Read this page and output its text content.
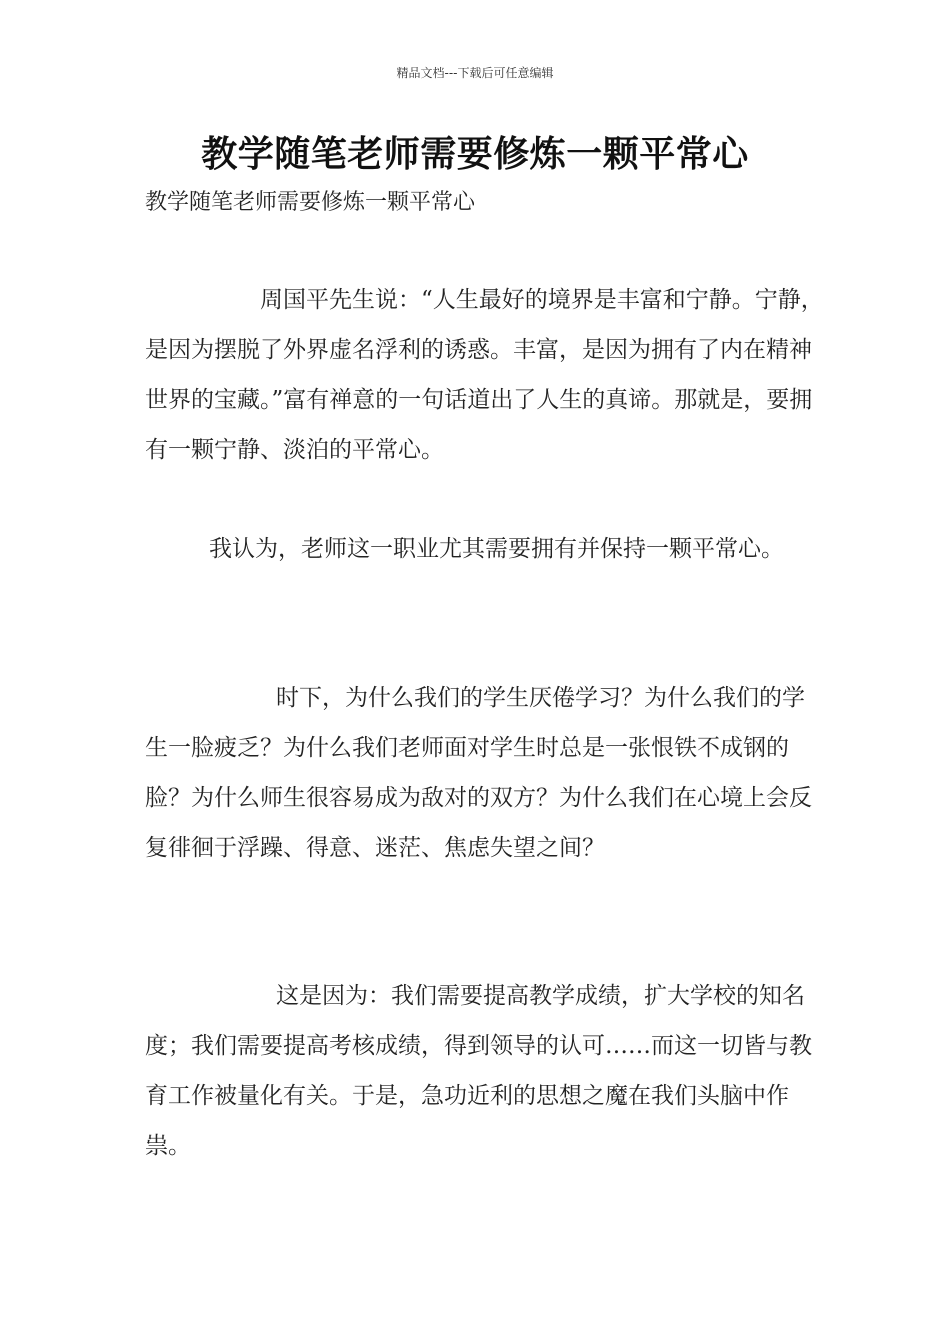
精品文档---下载后可任意编辑
教学随笔老师需要修炼一颗平常心
教学随笔老师需要修炼一颗平常心

周国平先生说：“人生最好的境界是丰富和宁静。宁静，是因为摆脱了外界虚名浮利的诱惑。丰富，是因为拥有了内在精神世界的宝藏。”富有禅意的一句话道出了人生的真谛。那就是，要拥有一颗宁静、淡泊的平常心。

我认为，老师这一职业尤其需要拥有并保持一颗平常心。

时下，为什么我们的学生厌倦学习？为什么我们的学生一脸疲乏？为什么我们老师面对学生时总是一张恨铁不成钢的脸？为什么师生很容易成为敌对的双方？为什么我们在心境上会反复徘徊于浮躁、得意、迷茫、焦虑失望之间？

这是因为：我们需要提高教学成绩，扩大学校的知名度；我们需要提高考核成绩，得到领导的认可……而这一切皆与教育工作被量化有关。于是，急功近利的思想之魔在我们头脑中作祟。
